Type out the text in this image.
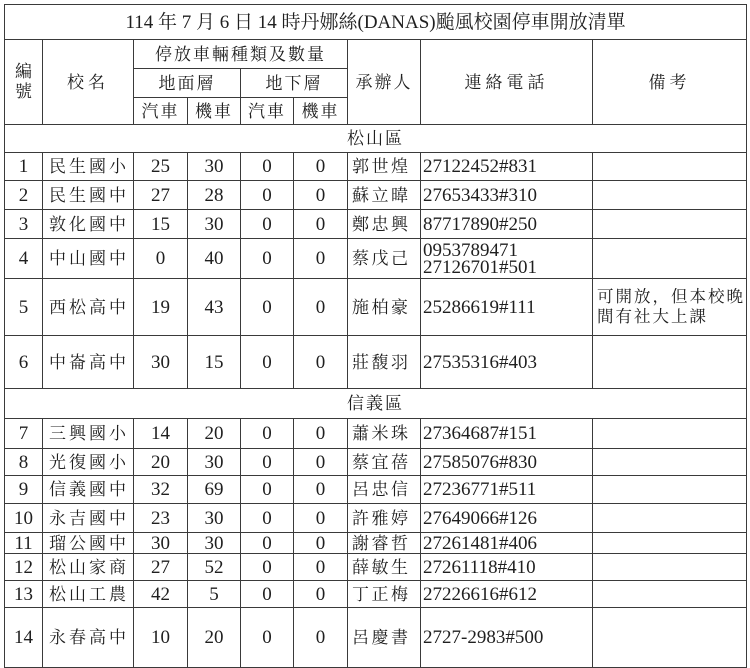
114 年 7 月 6 日 14 時丹娜絲(DANAS)颱風校園停車開放清單								
編號	校名	停放車輛種類及數量				承辦人	連絡電話	備考
		地面層		地下層				
		汽車	機車	汽車	機車			
松山區								
1	民生國小	25	30	0	0	郭世煌	27122452#831	

2	民生國中	27	28	0	0	蘇立暐	27653433#310	

3	敦化國中	15	30	0	0	鄭忠興	87717890#250	

4	中山國中	0	40	0	0	蔡戊己	0953789471
27126701#501	

5	西松高中	19	43	0	0	施柏豪	25286619#111	可開放，但本校晚間有社大上課
6	中崙高中	30	15	0	0	莊馥羽	27535316#403	

信義區								
7	三興國小	14	20	0	0	蕭米珠	27364687#151	

8	光復國小	20	30	0	0	蔡宜蓓	27585076#830	

9	信義國中	32	69	0	0	呂忠信	27236771#511	

10	永吉國中	23	30	0	0	許雅婷	27649066#126	

11	瑠公國中	30	30	0	0	謝睿哲	27261481#406	

12	松山家商	27	52	0	0	薛敏生	27261118#410	

13	松山工農	42	5	0	0	丁正梅	27226616#612	

14	永春高中	10	20	0	0	呂慶書	2727-2983#500	
